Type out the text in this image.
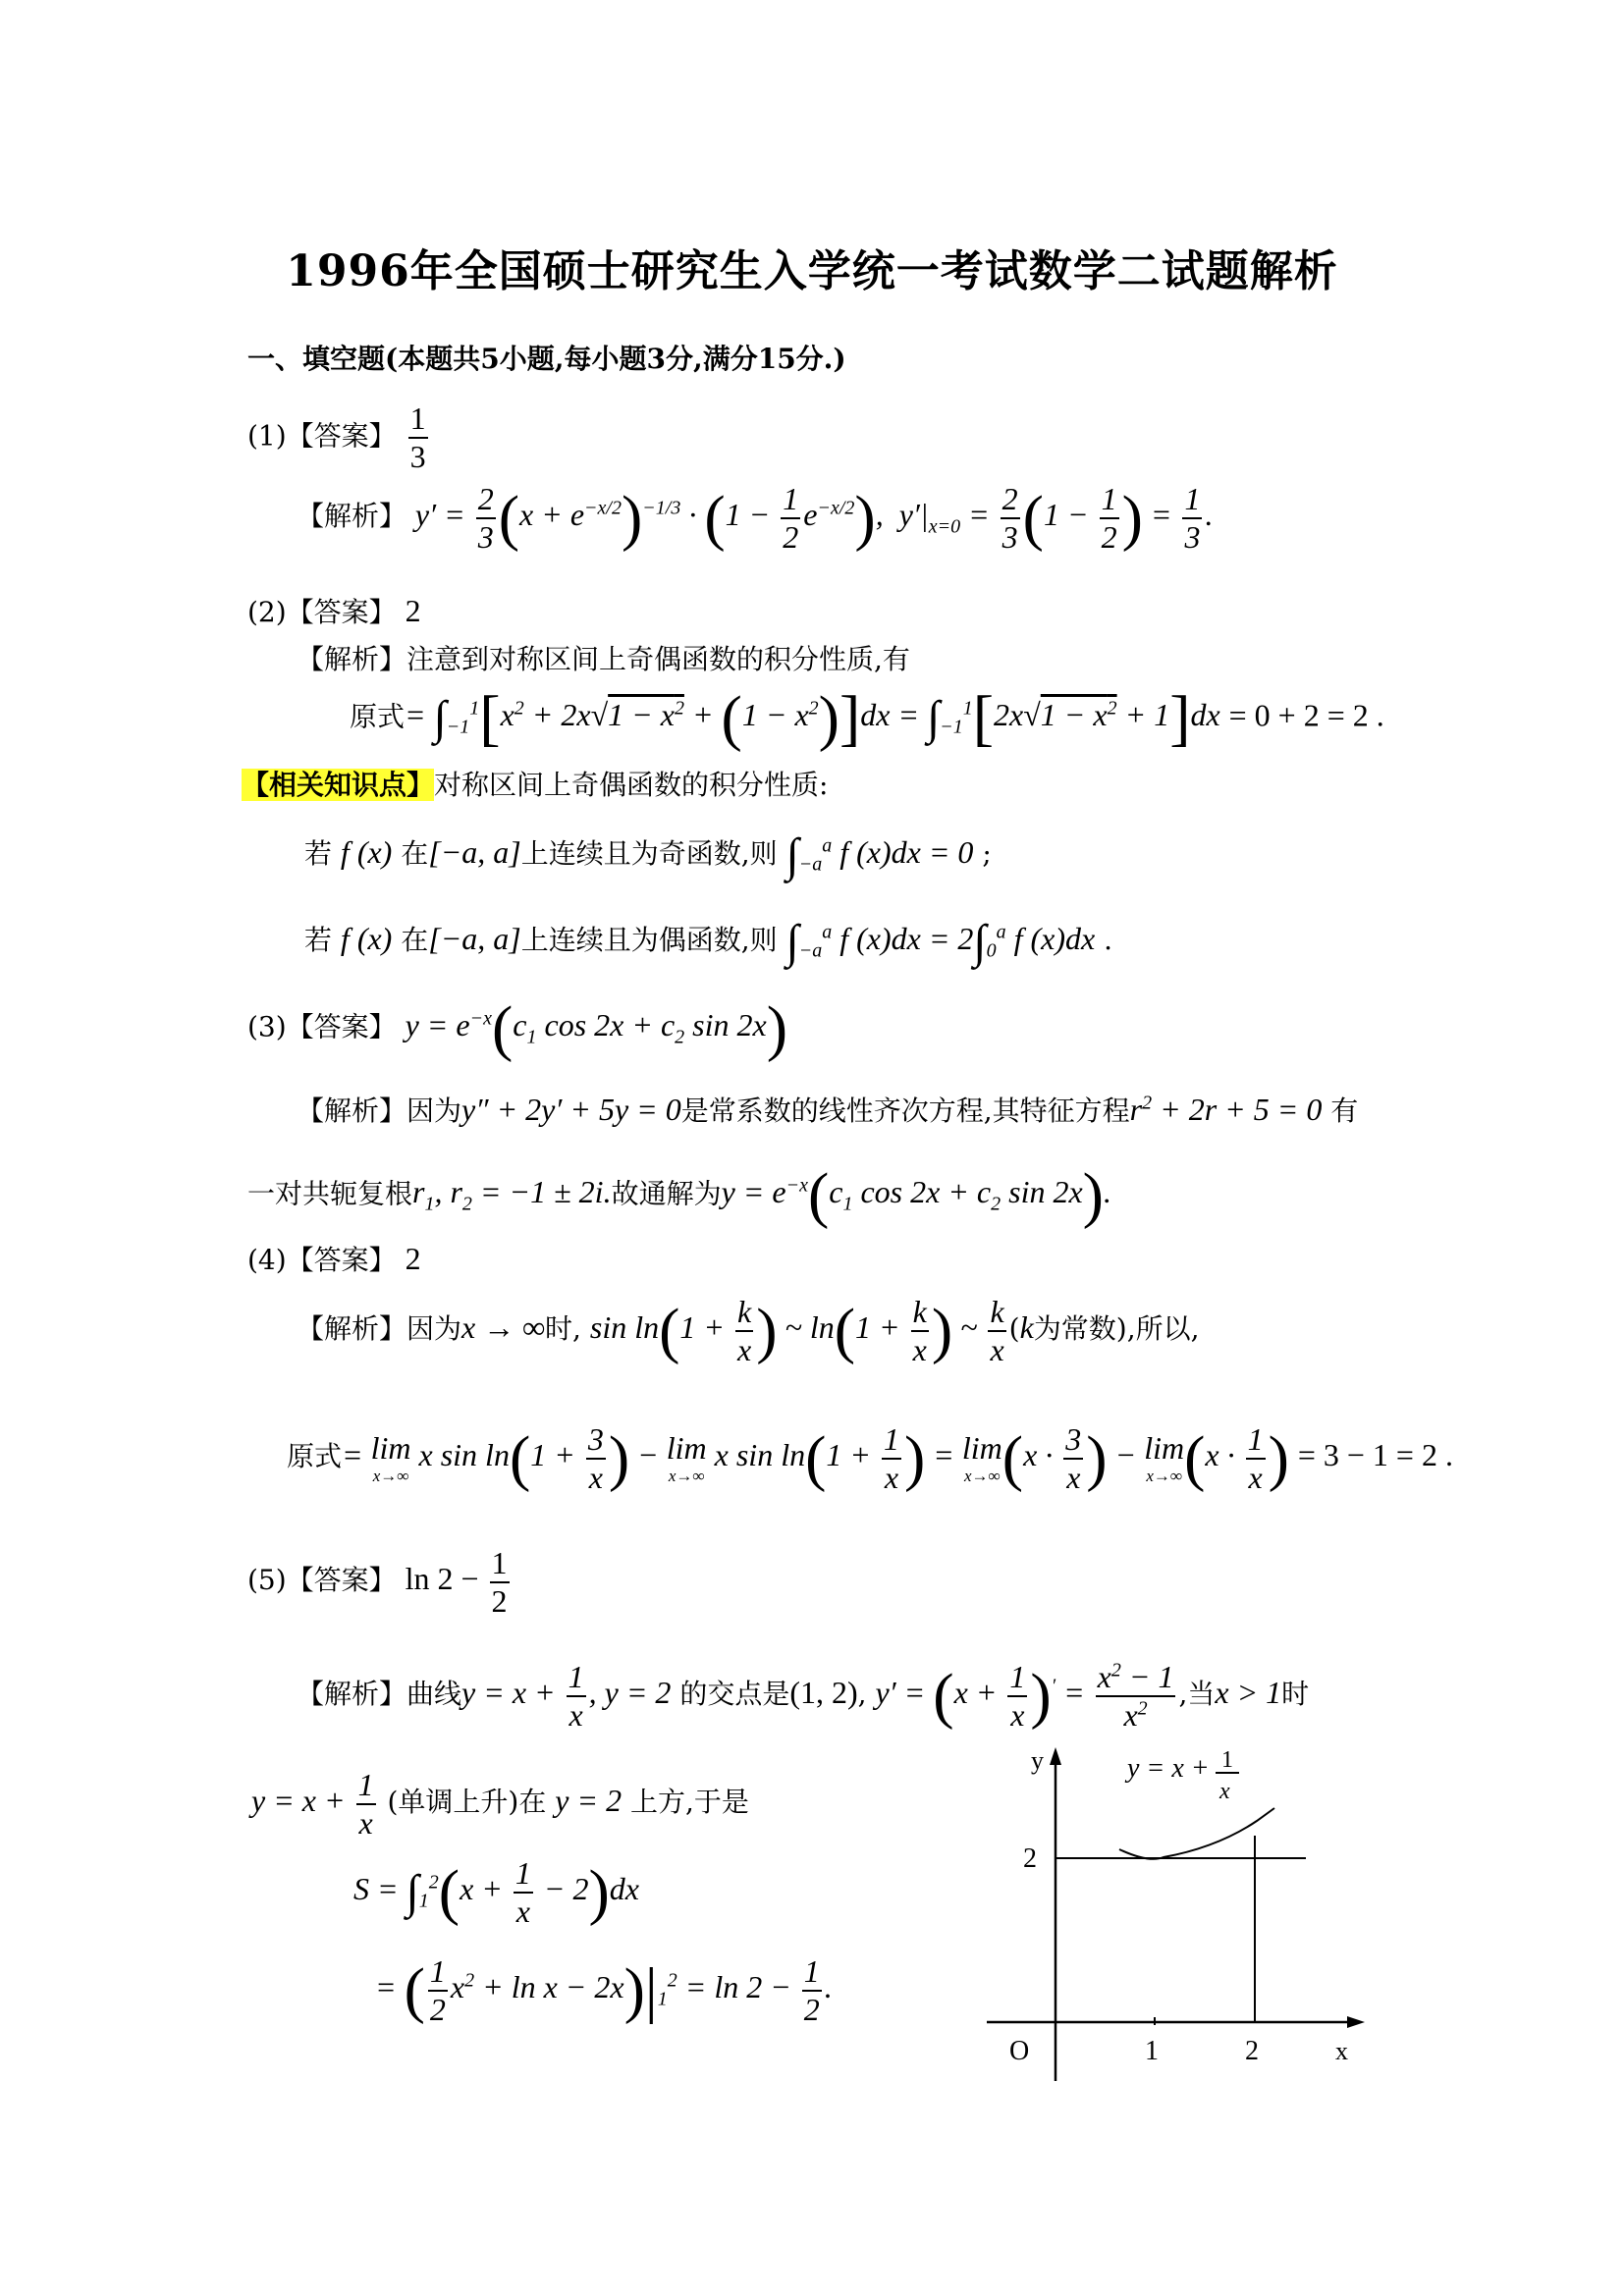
1996年全国硕士研究生入学统一考试数学二试题解析
一、填空题(本题共5小题,每小题3分,满分15分.)
(1)【答案】 $\frac{1}{3}$
【解析】 $y' = \frac{2}{3} (x + e^{-x/2})^{-1/3} \cdot (1 - \frac{1}{2} e^{-x/2})$,  $y'|_{x=0} = \frac{2}{3} (1 - \frac{1}{2}$ ) = $\frac{1}{3}$ .
(2)【答案】 2
【解析】注意到对称区间上奇偶函数的积分性质,有
原式= $\int_{-1}^1[x^2 + 2x√1 - x^2 + (1 - x^2)]dx = \int_{-1}^1[2x√1 - x^2 + 1]dx = 0 + 2 = 2$ .
【相关知识点】对称区间上奇偶函数的积分性质:
若 f (x) 在[−a, a]上连续且为奇函数,则 $\int_{-a}^a$ f (x)dx = 0 ;
若 f (x) 在[−a, a]上连续且为偶函数,则 $\int_{-a}^a$ f $(x)dx = 2\int_0^a$ f (x)dx .
(3)【答案】 $y = e^{-x}(c_1$ $\cos 2x + c_2$ sin 2x)
【解析】因为y″ + 2y′ + 5y = 0是常系数的线性齐次方程,其特征方程$r^2 + 2r + 5 = 0$ 有
一对共轭复根$r_1$, $r_2 = -1 \pm 2i$.故通解为$y = e^{-x}(c_1$ $\cos 2x + c_2$ sin 2x).
(4)【答案】 2
【解析】因为x → ∞时, $\sin \ln(1 + \frac{k}{x}$ ) ~ $\ln(1 + \frac{k}{x}$ ) ~ $\frac{k}{x} (k$为常数),所以,
原式= lim
x→∞
x $\sin \ln(1 + \frac{3}{x}$ ) − lim
x→∞
x $\sin \ln(1 + \frac{1}{x}$ ) = lim
x→∞ ($x \cdot \frac{3}{x}$ ) − lim
x→∞ ($x \cdot \frac{1}{x}$ ) = 3 − 1 = 2 .
(5)【答案】 $\ln 2 - \frac{1}{2}$
【解析】曲线$y = x + \frac{1}{x}$ , y = 2 的交点是(1, 2), $y' = (x + \frac{1}{x} )' = \frac{x^2 - 1}{x^2}$ ,当x > 1时
$y = x + \frac{1}{x}$ (单调上升)在 y = 2 上方,于是
$S = \int_1^2(x + \frac{1}{x} - 2)dx$
= ( $\frac{1}{2} x^2 + \ln x - 2x)|_1^2 = \ln 2 - \frac{1}{2}$ .
y
2
O	1	2	x
y = x + 1
x
